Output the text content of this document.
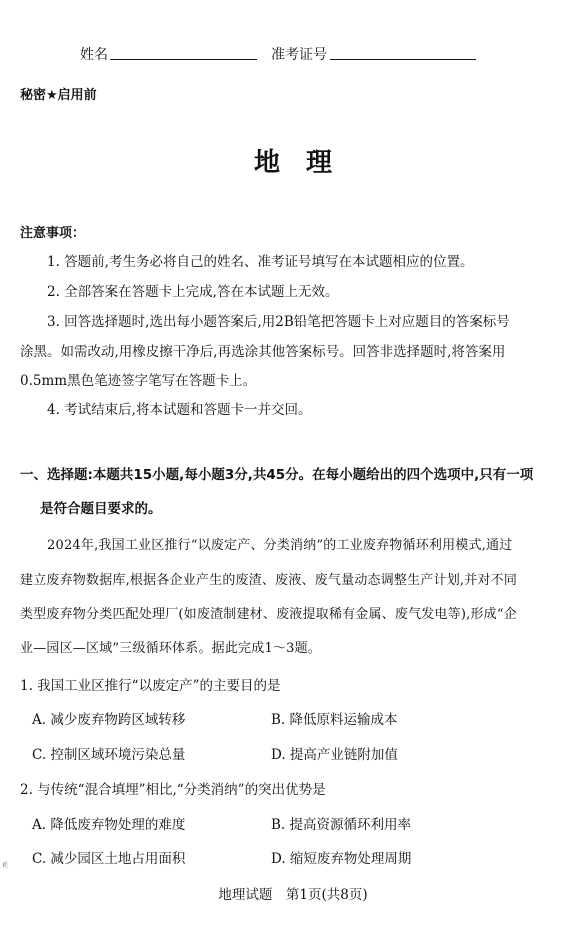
姓名	准考证号
秘密★启用前
地　理
注意事项：
1. 答题前,考生务必将自己的姓名、准考证号填写在本试题相应的位置。
2. 全部答案在答题卡上完成,答在本试题上无效。
3. 回答选择题时,选出每小题答案后,用2B铅笔把答题卡上对应题目的答案标号
涂黑。如需改动,用橡皮擦干净后,再选涂其他答案标号。回答非选择题时,将答案用
0.5mm黑色笔迹签字笔写在答题卡上。
4. 考试结束后,将本试题和答题卡一并交回。
一、选择题:本题共15小题,每小题3分,共45分。在每小题给出的四个选项中,只有一项
是符合题目要求的。
2024年,我国工业区推行“以废定产、分类消纳”的工业废弃物循环利用模式,通过
建立废弃物数据库,根据各企业产生的废渣、废液、废气量动态调整生产计划,并对不同
类型废弃物分类匹配处理厂(如废渣制建材、废液提取稀有金属、废气发电等),形成“企
业—园区—区域”三级循环体系。据此完成1～3题。
1. 我国工业区推行“以废定产”的主要目的是
A. 减少废弃物跨区域转移	B. 降低原料运输成本
C. 控制区域环境污染总量	D. 提高产业链附加值
2. 与传统“混合填埋”相比,“分类消纳”的突出优势是
A. 降低废弃物处理的难度	B. 提高资源循环利用率
C. 减少园区土地占用面积	D. 缩短废弃物处理周期
耗
地理试题　第1页(共8页)
